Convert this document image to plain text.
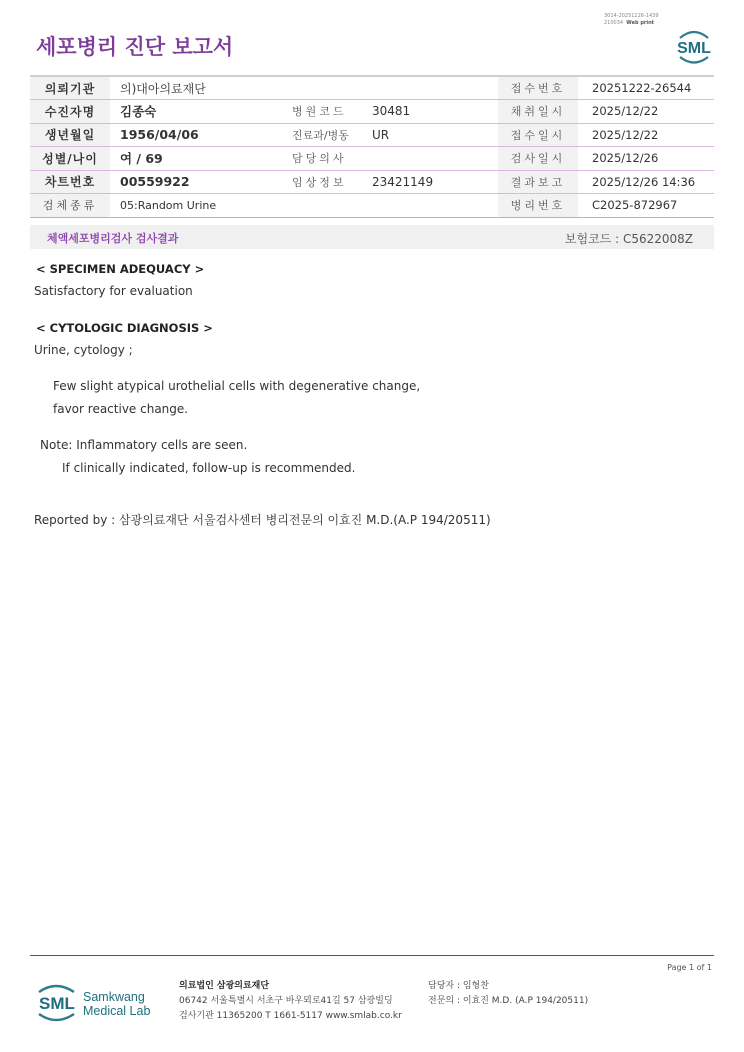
3014-20251226-1439
210034 Web print
세포병리 진단 보고서	SML
의뢰기관	의)대아의료재단			접수번호	20251222-26544
수진자명	김종숙	병원코드	30481	채취일시	2025/12/22
생년월일	1956/04/06	진료과/병동	UR	접수일시	2025/12/22
성별/나이	여 / 69	담당의사		검사일시	2025/12/26
차트번호	00559922	임상정보	23421149	결과보고	2025/12/26 14:36
검체종류	05:Random Urine			병리번호	C2025-872967
체액세포병리검사 검사결과	보험코드 : C5622008Z
< SPECIMEN ADEQUACY >
Satisfactory for evaluation
< CYTOLOGIC DIAGNOSIS >
Urine, cytology ;
Few slight atypical urothelial cells with degenerative change,
favor reactive change.
Note: Inflammatory cells are seen.
If clinically indicated, follow-up is recommended.
Reported by : 삼광의료재단 서울검사센터 병리전문의 이효진 M.D.(A.P 194/20511)
Page 1 of 1
SML Samkwang
Medical Lab
의료법인 삼광의료재단
06742 서울특별시 서초구 바우뫼로41길 57 삼광빌딩
검사기관 11365200 T 1661-5117 www.smlab.co.kr
담당자 : 임형찬
전문의 : 이효진 M.D. (A.P 194/20511)
